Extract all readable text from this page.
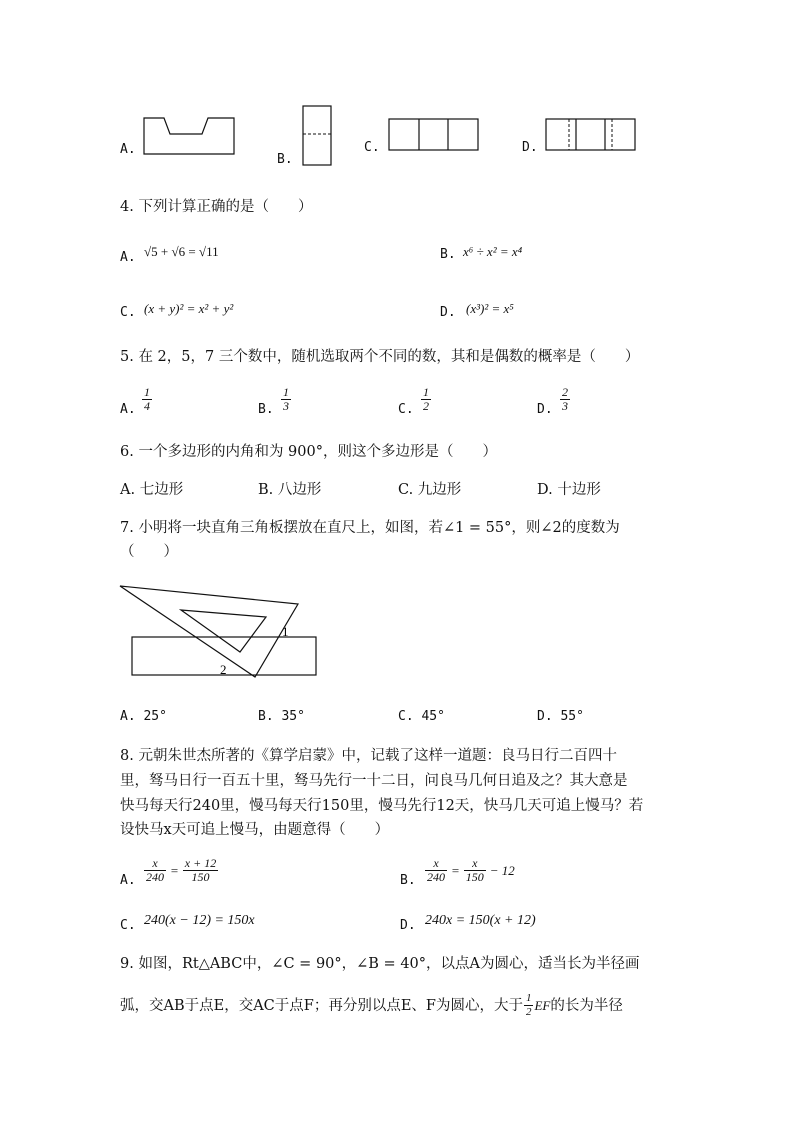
A.
B.
C.	D.
4. 下列计算正确的是（　　）
A. √5 + √6 = √11	B. x⁶ ÷ x² = x⁴
C. (x + y)² = x² + y²	D. (x³)² = x⁵
5. 在 2，5，7 三个数中，随机选取两个不同的数，其和是偶数的概率是（　　）
A. $\frac{1}{4}$	B. $\frac{1}{3}$	C. $\frac{1}{2}$	D. $\frac{2}{3}$
6. 一个多边形的内角和为 900°，则这个多边形是（　　）
A. 七边形	B. 八边形	C. 九边形	D. 十边形
7. 小明将一块直角三角板摆放在直尺上，如图，若∠1 = 55°，则∠2的度数为
（　　）
1
2
A. 25°	B. 35°	C. 45°	D. 55°
8. 元朝朱世杰所著的《算学启蒙》中，记载了这样一道题：良马日行二百四十
里，驽马日行一百五十里，驽马先行一十二日，问良马几何日追及之？其大意是
快马每天行240里，慢马每天行150里，慢马先行12天，快马几天可追上慢马？若
设快马x天可追上慢马，由题意得（　　）
A. $\frac{x}{240} = \frac{x + 12}{150}$	B. $\frac{x}{240} = \frac{x}{150} - 12$
C. 240(x − 12) = 150x	D. 240x = 150(x + 12)
9. 如图，Rt△ABC中，∠C = 90°，∠B = 40°，以点A为圆心，适当长为半径画
弧，交AB于点E，交AC于点F；再分别以点E、F为圆心，大于 $\frac{1}{2}$ EF 的长为半径
